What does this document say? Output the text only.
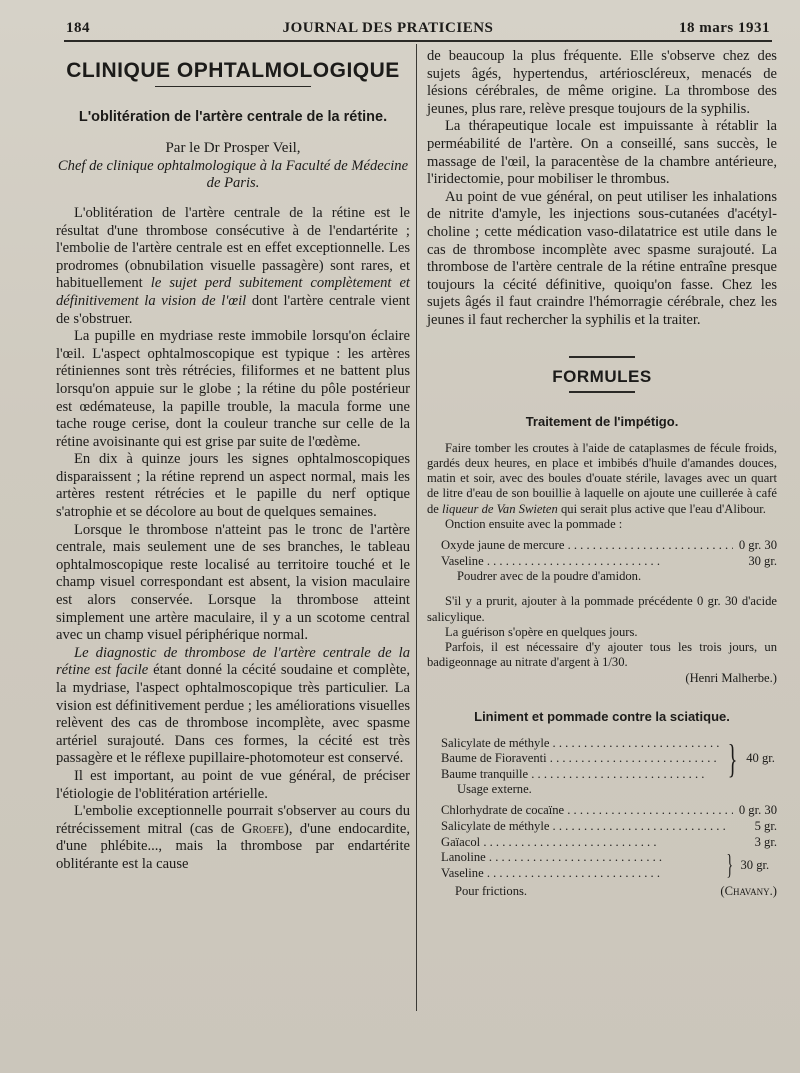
184	JOURNAL DES PRATICIENS	18 mars 1931
CLINIQUE OPHTALMOLOGIQUE
L'oblitération de l'artère centrale de la rétine.
Par le Dr Prosper Veil,
Chef de clinique ophtalmologique à la Faculté de Médecine de Paris.

L'oblitération de l'artère centrale de la rétine est le résultat d'une thrombose consécutive à de l'endartérite ; l'embolie de l'artère centrale est en effet exceptionnelle. Les prodromes (obnubilation visuelle passagère) sont rares, et habituellement le sujet perd subitement complètement et définitivement la vision de l'œil dont l'artère centrale vient de s'obstruer.

La pupille en mydriase reste immobile lorsqu'on éclaire l'œil. L'aspect ophtalmoscopique est typique : les artères rétiniennes sont très rétrécies, filiformes et ne battent plus lorsqu'on appuie sur le globe ; la rétine du pôle postérieur est œdémateuse, la papille trouble, la macula forme une tache rouge cerise, dont la couleur tranche sur celle de la rétine avoisinante qui est grise par suite de l'œdème.

En dix à quinze jours les signes ophtalmoscopiques disparaissent ; la rétine reprend un aspect normal, mais les artères restent rétrécies et le papille du nerf optique s'atrophie et se décolore au bout de quelques semaines.

Lorsque le thrombose n'atteint pas le tronc de l'artère centrale, mais seulement une de ses branches, le tableau ophtalmoscopique reste localisé au territoire touché et le champ visuel correspondant est absent, la vision maculaire est alors conservée. Lorsque la thrombose atteint simplement une artère maculaire, il y a un scotome central avec un champ visuel périphérique normal.

Le diagnostic de thrombose de l'artère centrale de la rétine est facile étant donné la cécité soudaine et complète, la mydriase, l'aspect ophtalmoscopique très particulier. La vision est définitivement perdue ; les améliorations visuelles relèvent des cas de thrombose incomplète, avec spasme artériel surajouté. Dans ces formes, la cécité est très passagère et le réflexe pupillaire-photomoteur est conservé.

Il est important, au point de vue général, de préciser l'étiologie de l'oblitération artérielle.

L'embolie exceptionnelle pourrait s'observer au cours du rétrécissement mitral (cas de Groefe), d'une endocardite, d'une phlébite..., mais la thrombose par endartérite oblitérante est la cause

de beaucoup la plus fréquente. Elle s'observe chez des sujets âgés, hypertendus, artérioscléreux, menacés de lésions cérébrales, de même origine. La thrombose des jeunes, plus rare, relève presque toujours de la syphilis.

La thérapeutique locale est impuissante à rétablir la perméabilité de l'artère. On a conseillé, sans succès, le massage de l'œil, la paracentèse de la chambre antérieure, l'iridectomie, pour mobiliser le thrombus.

Au point de vue général, on peut utiliser les inhalations de nitrite d'amyle, les injections sous-cutanées d'acétyl-choline ; cette médication vaso-dilatatrice est utile dans le cas de thrombose incomplète avec spasme surajouté. La thrombose de l'artère centrale de la rétine entraîne presque toujours la cécité définitive, quoiqu'on fasse. Chez les sujets âgés il faut craindre l'hémorragie cérébrale, chez les jeunes il faut rechercher la syphilis et la traiter.

FORMULES
Traitement de l'impétigo.

Faire tomber les croutes à l'aide de cataplasmes de fécule froids, gardés deux heures, en place et imbibés d'huile d'amandes douces, matin et soir, avec des boules d'ouate stérile, lavages avec un quart de litre d'eau de son bouillie à laquelle on ajoute une cuillerée à café de liqueur de Van Swieten qui serait plus active que l'eau d'Alibour.

Onction ensuite avec la pommade :

Oxyde jaune de mercure . . .	0 gr. 30
Vaseline . . .	30 gr.

Poudrer avec de la poudre d'amidon.

S'il y a prurit, ajouter à la pommade précédente 0 gr. 30 d'acide salicylique.

La guérison s'opère en quelques jours.

Parfois, il est nécessaire d'y ajouter tous les trois jours, un badigeonnage au nitrate d'argent à 1/30.

(Henri Malherbe.)
Liniment et pommade contre la sciatique.
Salicylate de méthyle . . .
Baume de Fioraventi . . .
Baume tranquille . . .	} 40 gr.

Usage externe.

Chlorhydrate de cocaïne . . .	0 gr. 30
Salicylate de méthyle . . .	5 gr.
Gaïacol . . .	3 gr.
Lanoline . . .
Vaseline . . .	} 30 gr.
Pour frictions.	(Chavany.)
